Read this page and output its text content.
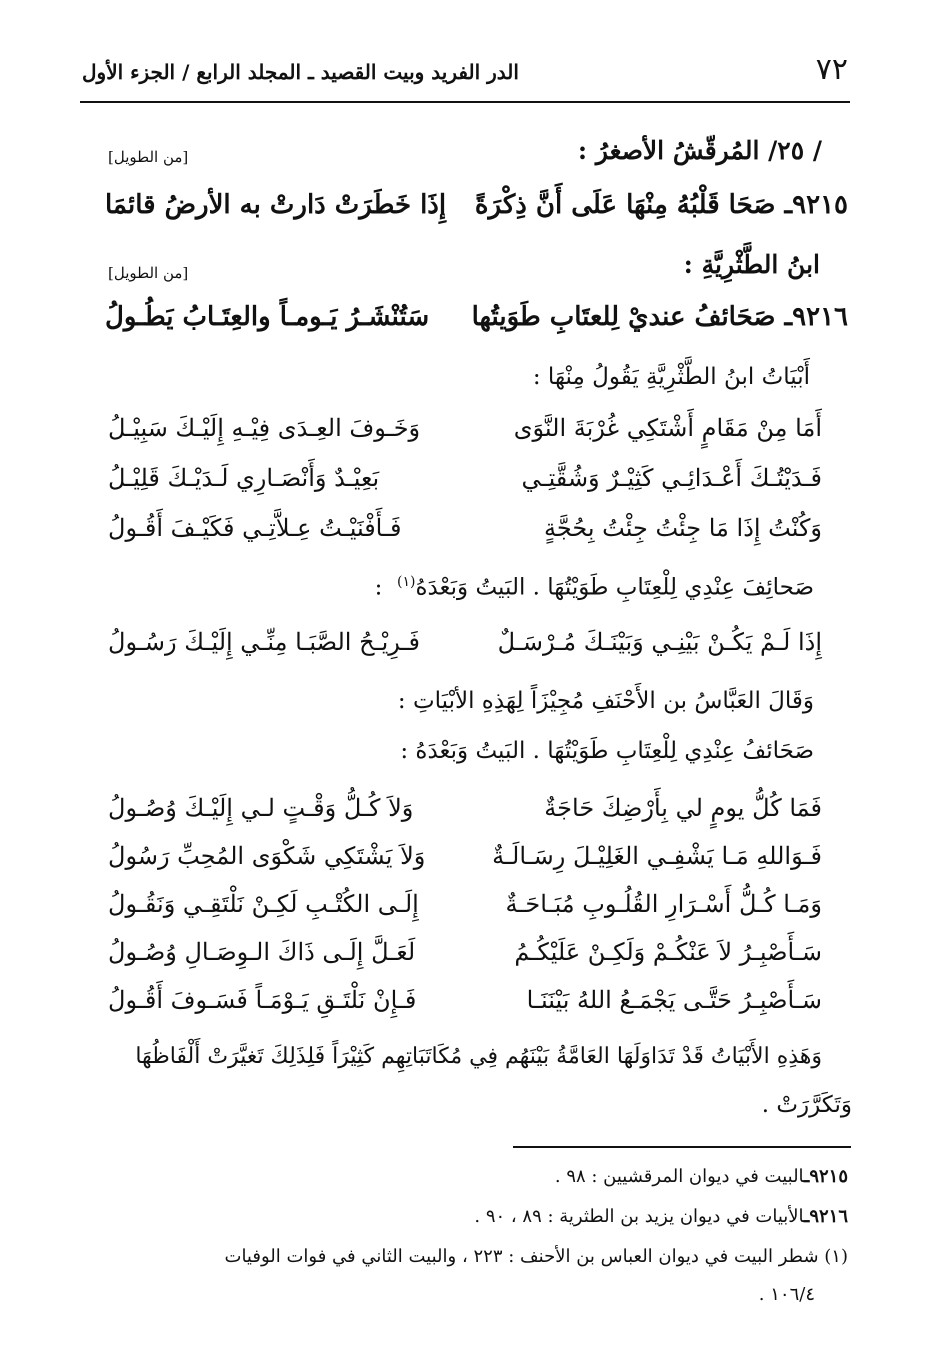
٧٢
الدر الفريد وبيت القصيد ـ المجلد الرابع / الجزء الأول
/ ٢٥/ المُرقّشُ الأصغرُ :
[من الطويل]
٩٢١٥ـ صَحَا قَلْبُهُ مِنْهَا عَلَى أَنَّ ذِكْرَةً
إِذَا خَطَرَتْ دَارتْ به الأرضُ قائمَا
ابنُ الطَّثْرِيَّةِ :
[من الطويل]
٩٢١٦ـ صَحَائفُ عنديْ لِلعتَابِ طَوَيتُها
سَتُنْشَـرُ يَـومـاً والعِتَـابُ يَطُـولُ
أَبْيَاتُ ابنُ الطَّثْرِيَّةِ يَقُولُ مِنْهَا :
أَمَا مِنْ مَقَامٍ أَشْتَكِي غُرْبَةَ النَّوَى
وَخَـوفَ العِـدَى فِيْـهِ إِلَيْـكَ سَبِيْـلُ
فَـدَيْتُـكَ أَعْـدَائِـي كَثِيْـرٌ وَشُقَّتِـي
بَعِيْـدٌ وَأَنْصَـارِي لَـدَيْـكَ قَلِيْـلُ
وَكُنْتُ إِذَا مَا جِئْتُ جِئْتُ بِحُجَّةٍ
فَـأَفْنَيْـتُ عِـلاَّتِـي فَكَيْـفَ أَقُـولُ
صَحائِفَ عِنْدِي لِلْعِتَابِ طَوَيْتُهَا . البَيتُ وَبَعْدَهُ$^{(١)}$  :
إِذَا لَـمْ يَكُـنْ بَيْنِـي وَبَيْنَـكَ مُـرْسَـلٌ
فَـرِيْـحُ الصَّبَـا مِنِّـي إِلَيْـكَ رَسُـولُ
وَقَالَ العَبَّاسُ بن الأَحْنَفِ مُجِيْزَاً لِهَذِهِ الأبْيَاتِ :
صَحَائفُ عِنْدِي لِلْعِتَابِ طَوَيْتُهَا . البَيتُ وَبَعْدَهُ :
فَمَا كُلُّ يومٍ لي بِأَرْضِكَ حَاجَةٌ
وَلاَ كُـلُّ وَقْـتٍ لـي إِلَيْـكَ وُصُـولُ
فَـوَاللهِ مَـا يَشْفِـي الغَلِيْـلَ رِسَـالَـةٌ
وَلاَ يَشْتَكِي شَكْوَى المُحِبِّ رَسُولُ
وَمَـا كُـلُّ أَسْـرَارِ القُلُـوبِ مُبَـاحَـةٌ
إِلَـى الكُتْـبِ لَكِـنْ نَلْتَقِـي وَنَقُـولُ
سَـأَصْبِـرُ لاَ عَنْكُـمْ وَلَكِـنْ عَلَيْكُـمُ
لَعَـلَّ إِلَـى ذَاكَ الـوِصَـالِ وُصُـولُ
سَـأَصْبِـرُ حَتَّـى يَجْمَـعُ اللهُ بَيْنَنَـا
فَـإِنْ نَلْتَـقِ يَـوْمَـاً فَسَـوفَ أَقُـولُ
وَهَذِهِ الأَبْيَاتُ قَدْ تَدَاوَلَهَا العَامَّةُ بَيْنَهُم فِي مُكَاتَبَاتِهِم كَثِيْرَاً فَلِذَلِكَ تَغيَّرَتْ أَلْفَاظُهَا
وَتَكَرَّرَتْ .
٩٢١٥ـالبيت في ديوان المرقشيين : ٩٨ .
٩٢١٦ـالأبيات في ديوان يزيد بن الطثرية : ٨٩ ، ٩٠ .
(١) شطر البيت في ديوان العباس بن الأحنف : ٢٢٣ ، والبيت الثاني في فوات الوفيات
١٠٦/٤ .
